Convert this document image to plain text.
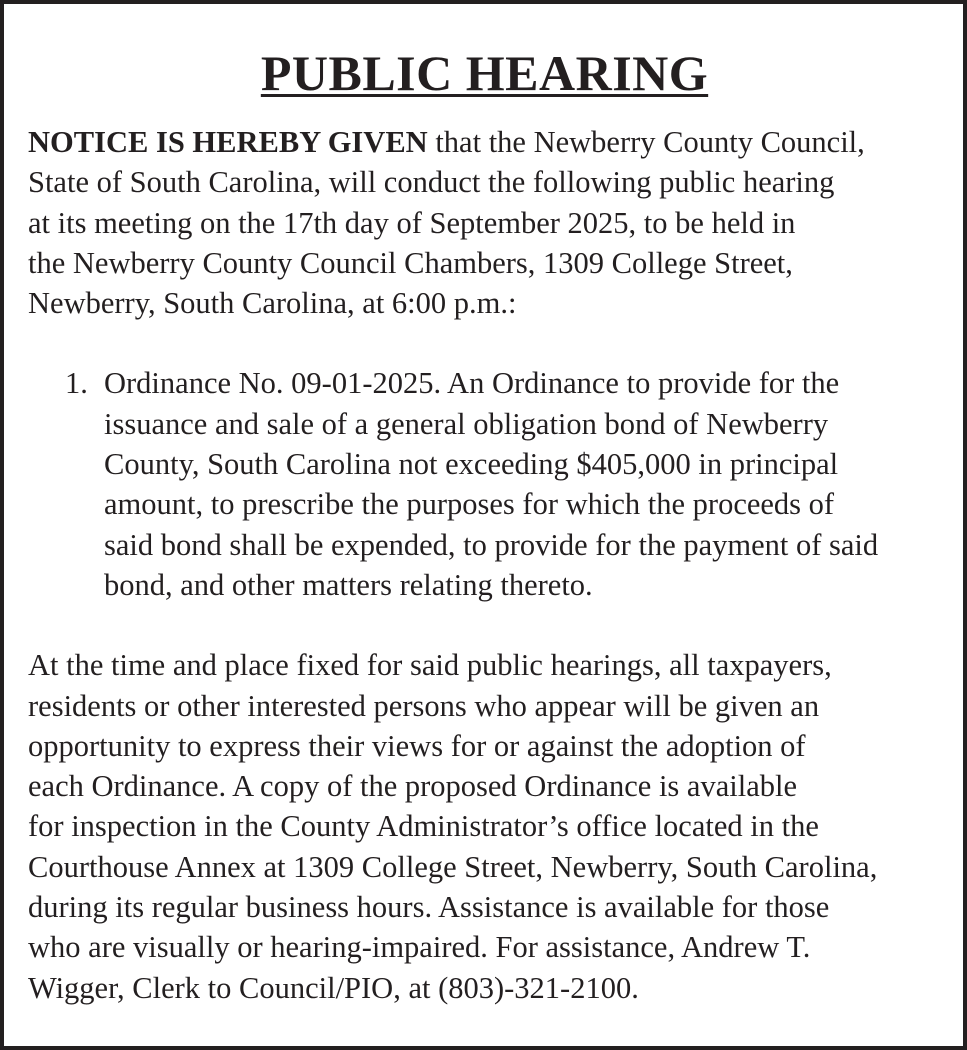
PUBLIC HEARING
NOTICE IS HEREBY GIVEN that the Newberry County Council,
State of South Carolina, will conduct the following public hearing
at its meeting on the 17th day of September 2025, to be held in
the Newberry County Council Chambers, 1309 College Street,
Newberry, South Carolina, at 6:00 p.m.:
1. Ordinance No. 09-01-2025. An Ordinance to provide for the
issuance and sale of a general obligation bond of Newberry
County, South Carolina not exceeding $405,000 in principal
amount, to prescribe the purposes for which the proceeds of
said bond shall be expended, to provide for the payment of said
bond, and other matters relating thereto.
At the time and place fixed for said public hearings, all taxpayers,
residents or other interested persons who appear will be given an
opportunity to express their views for or against the adoption of
each Ordinance. A copy of the proposed Ordinance is available
for inspection in the County Administrator’s office located in the
Courthouse Annex at 1309 College Street, Newberry, South Carolina,
during its regular business hours. Assistance is available for those
who are visually or hearing-impaired. For assistance, Andrew T.
Wigger, Clerk to Council/PIO, at (803)-321-2100.
